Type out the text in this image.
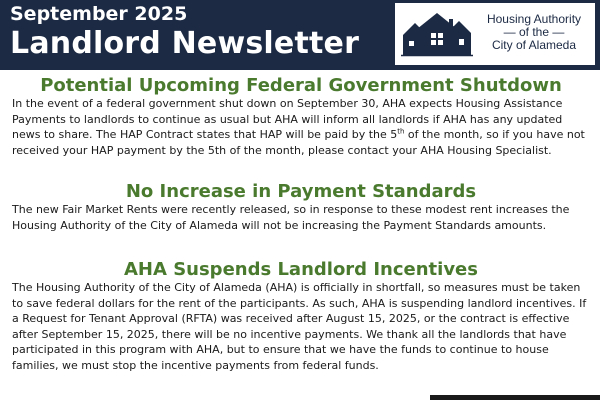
September 2025
Landlord Newsletter
Housing Authority
— of the —
City of Alameda
Potential Upcoming Federal Government Shutdown

In the event of a federal government shut down on September 30, AHA expects Housing Assistance Payments to landlords to continue as usual but AHA will inform all landlords if AHA has any updated news to share. The HAP Contract states that HAP will be paid by the 5th of the month, so if you have not received your HAP payment by the 5th of the month, please contact your AHA Housing Specialist.

No Increase in Payment Standards

The new Fair Market Rents were recently released, so in response to these modest rent increases the Housing Authority of the City of Alameda will not be increasing the Payment Standards amounts.

AHA Suspends Landlord Incentives

The Housing Authority of the City of Alameda (AHA) is officially in shortfall, so measures must be taken to save federal dollars for the rent of the participants. As such, AHA is suspending landlord incentives. If a Request for Tenant Approval (RFTA) was received after August 15, 2025, or the contract is effective after September 15, 2025, there will be no incentive payments. We thank all the landlords that have participated in this program with AHA, but to ensure that we have the funds to continue to house families, we must stop the incentive payments from federal funds.
